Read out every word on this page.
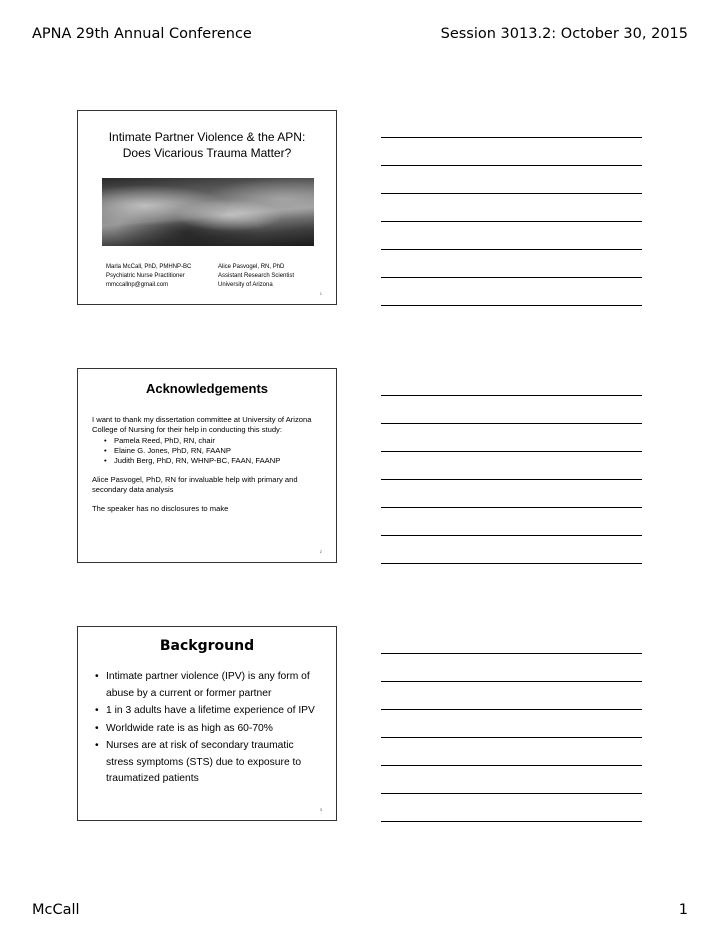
APNA 29th Annual Conference	Session 3013.2: October 30, 2015
Intimate Partner Violence & the APN:
Does Vicarious Trauma Matter?
Marla McCall, PhD, PMHNP-BC
Psychiatric Nurse Practitioner
mmccallnp@gmail.com
Alice Pasvogel, RN, PhD
Assistant Research Scientist
University of Arizona
1
Acknowledgements

I want to thank my dissertation committee at University of Arizona College of Nursing for their help in conducting this study:

• Pamela Reed, PhD, RN, chair
• Elaine G. Jones, PhD, RN, FAANP
• Judith Berg, PhD, RN, WHNP-BC, FAAN, FAANP

Alice Pasvogel, PhD, RN for invaluable help with primary and secondary data analysis

The speaker has no disclosures to make

2
Background
• Intimate partner violence (IPV) is any form of abuse by a current or former partner
• 1 in 3 adults have a lifetime experience of IPV
• Worldwide rate is as high as 60-70%
• Nurses are at risk of secondary traumatic stress symptoms (STS) due to exposure to traumatized patients
3
McCall	1
